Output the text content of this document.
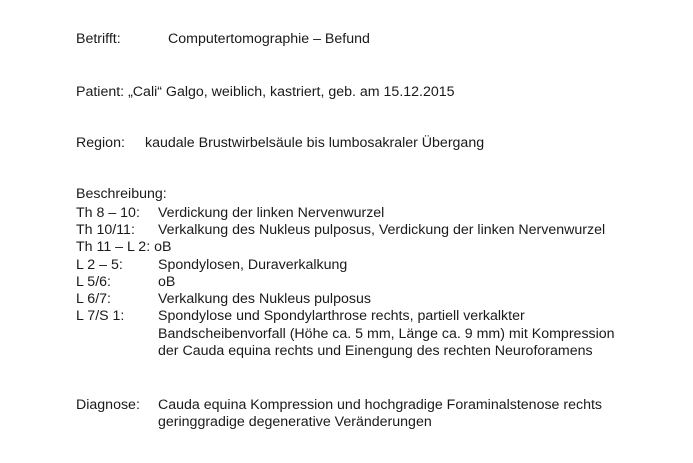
Betrifft:	Computertomographie – Befund
Patient: „Cali“ Galgo, weiblich, kastriert, geb. am 15.12.2015
Region: kaudale Brustwirbelsäule bis lumbosakraler Übergang
Beschreibung:
Th 8 – 10: Verdickung der linken Nervenwurzel
Th 10/11: Verkalkung des Nukleus pulposus, Verdickung der linken Nervenwurzel
Th 11 – L 2: oB
L 2 – 5: Spondylosen, Duraverkalkung
L 5/6:	oB
L 6/7:	Verkalkung des Nukleus pulposus
L 7/S 1: Spondylose und Spondylarthrose rechts, partiell verkalkter
Bandscheibenvorfall (Höhe ca. 5 mm, Länge ca. 9 mm) mit Kompression
der Cauda equina rechts und Einengung des rechten Neuroforamens
Diagnose: Cauda equina Kompression und hochgradige Foraminalstenose rechts
geringgradige degenerative Veränderungen
